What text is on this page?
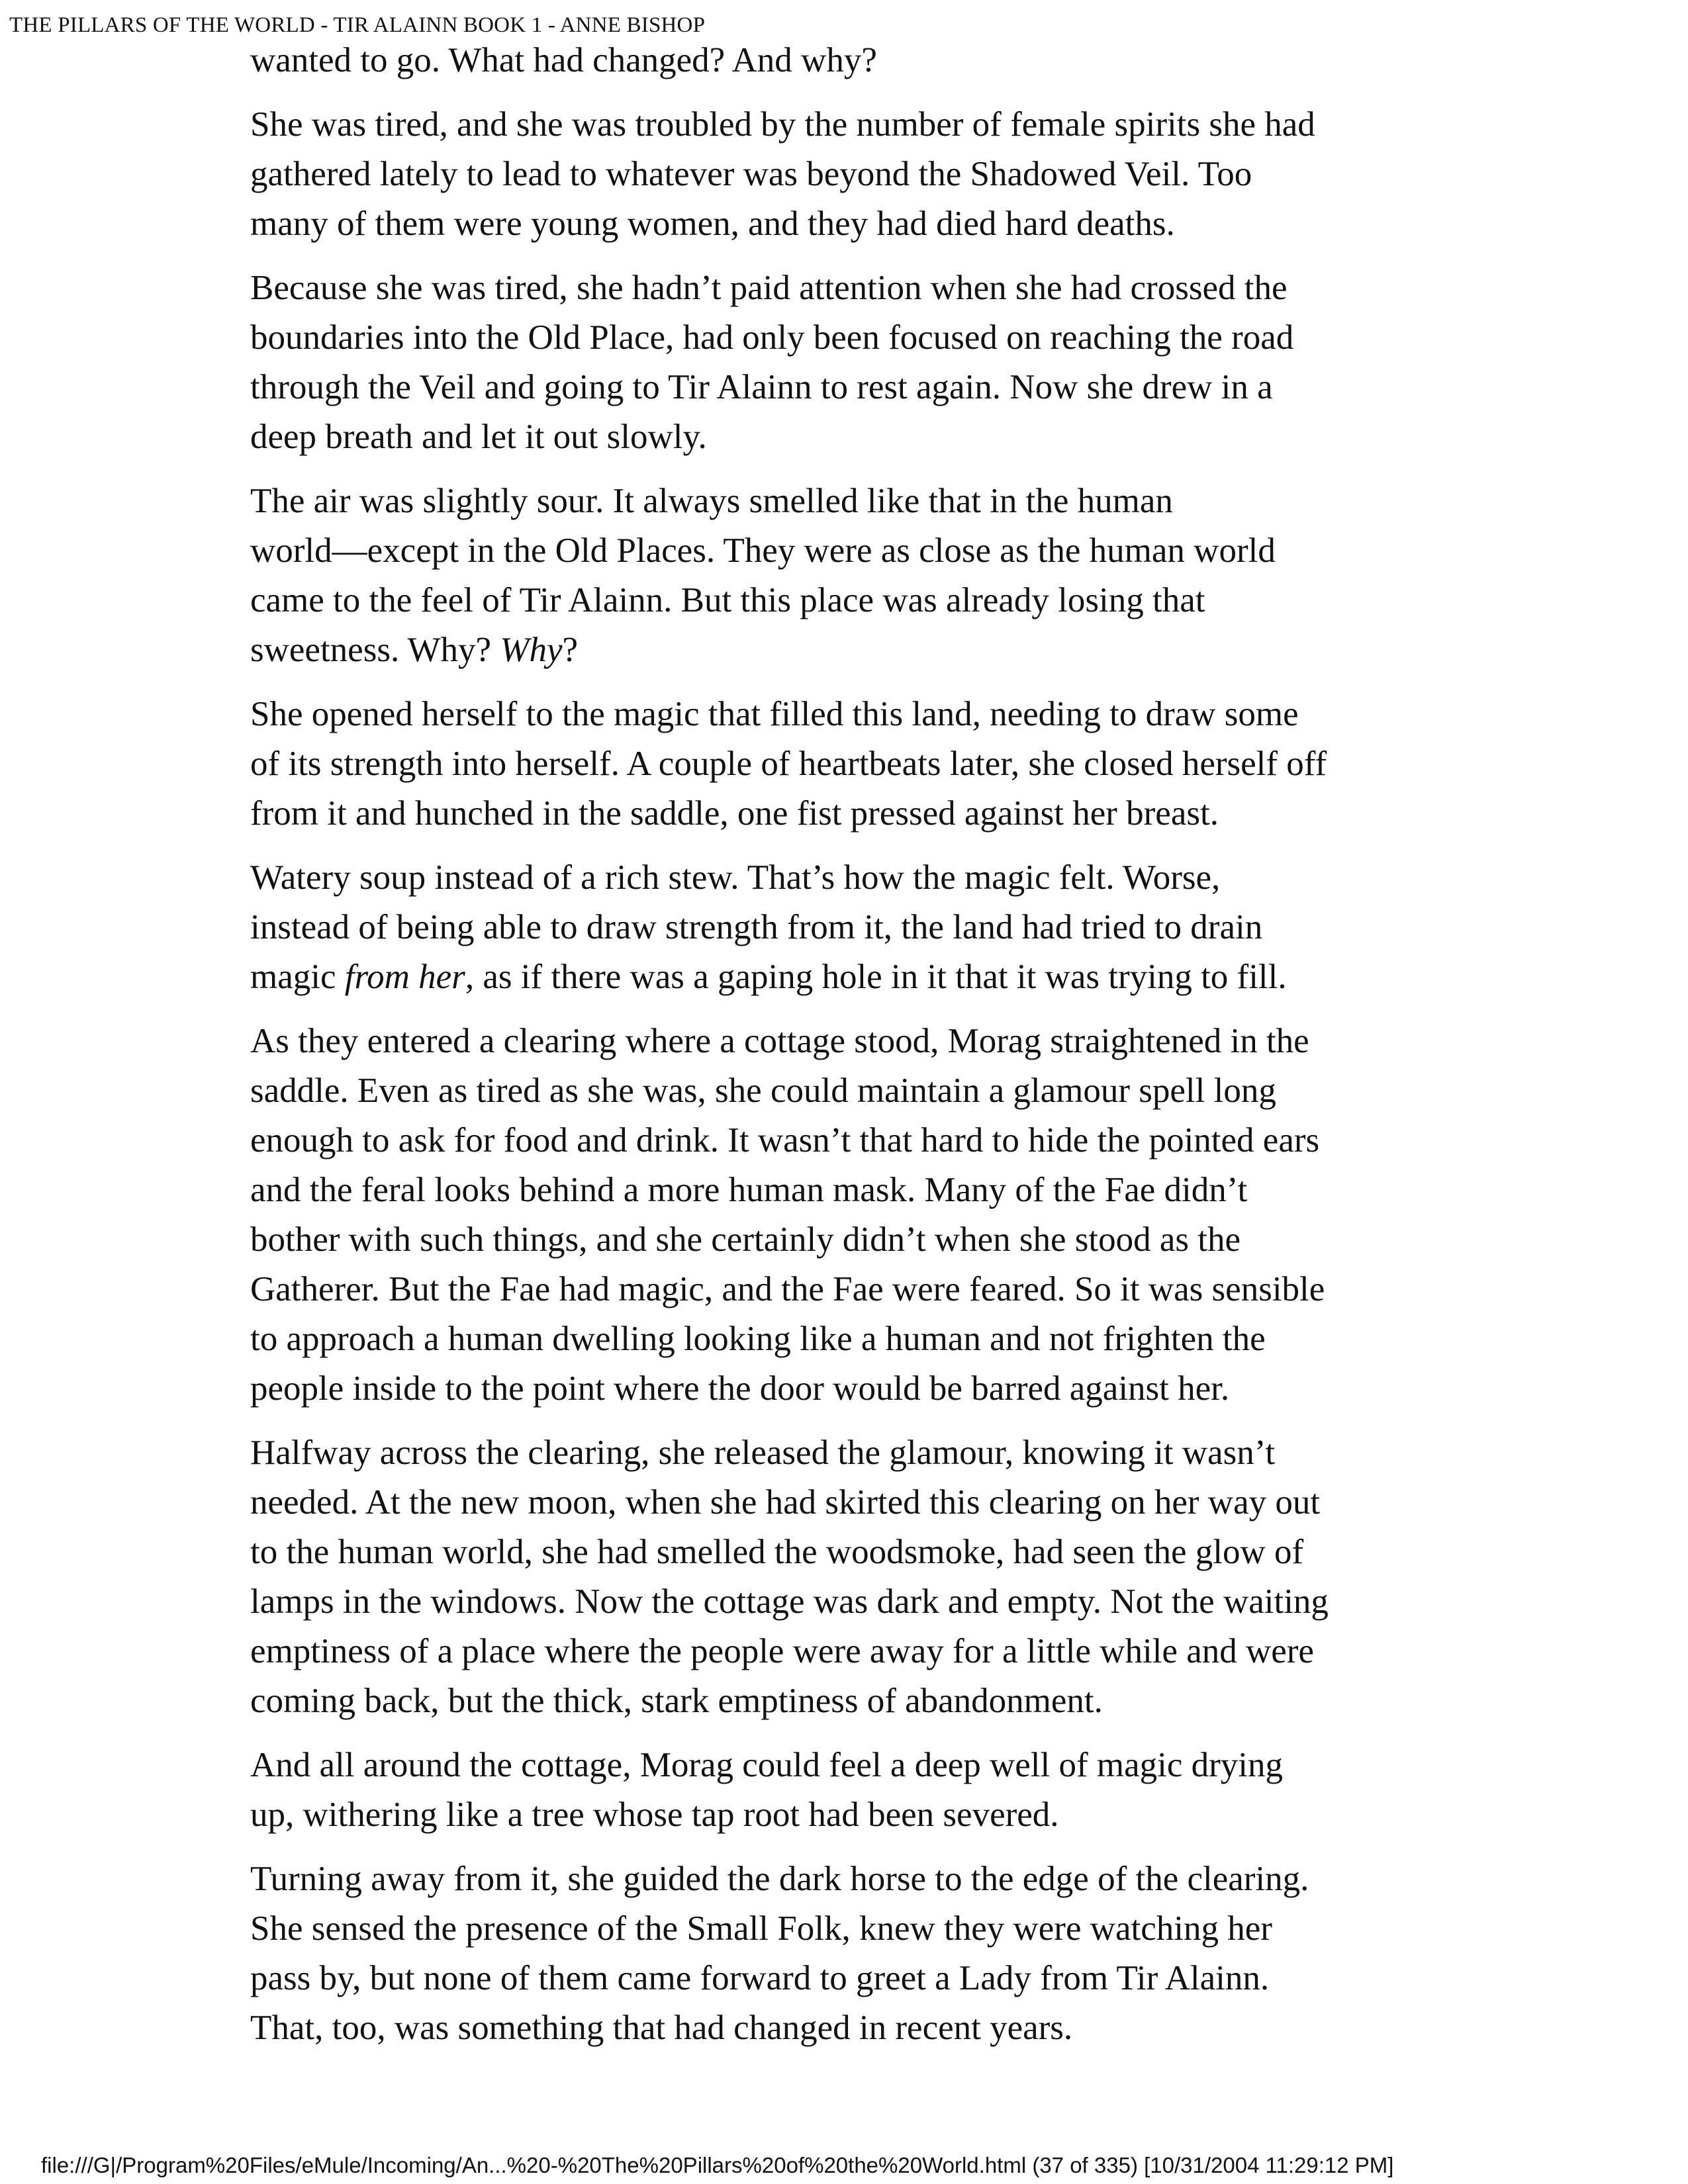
THE PILLARS OF THE WORLD - TIR ALAINN BOOK 1 - ANNE BISHOP

wanted to go. What had changed? And why?

She was tired, and she was troubled by the number of female spirits she had
gathered lately to lead to whatever was beyond the Shadowed Veil. Too
many of them were young women, and they had died hard deaths.

Because she was tired, she hadn’t paid attention when she had crossed the
boundaries into the Old Place, had only been focused on reaching the road
through the Veil and going to Tir Alainn to rest again. Now she drew in a
deep breath and let it out slowly.

The air was slightly sour. It always smelled like that in the human
world—except in the Old Places. They were as close as the human world
came to the feel of Tir Alainn. But this place was already losing that
sweetness. Why? Why?

She opened herself to the magic that filled this land, needing to draw some
of its strength into herself. A couple of heartbeats later, she closed herself off
from it and hunched in the saddle, one fist pressed against her breast.

Watery soup instead of a rich stew. That’s how the magic felt. Worse,
instead of being able to draw strength from it, the land had tried to drain
magic from her, as if there was a gaping hole in it that it was trying to fill.

As they entered a clearing where a cottage stood, Morag straightened in the
saddle. Even as tired as she was, she could maintain a glamour spell long
enough to ask for food and drink. It wasn’t that hard to hide the pointed ears
and the feral looks behind a more human mask. Many of the Fae didn’t
bother with such things, and she certainly didn’t when she stood as the
Gatherer. But the Fae had magic, and the Fae were feared. So it was sensible
to approach a human dwelling looking like a human and not frighten the
people inside to the point where the door would be barred against her.

Halfway across the clearing, she released the glamour, knowing it wasn’t
needed. At the new moon, when she had skirted this clearing on her way out
to the human world, she had smelled the woodsmoke, had seen the glow of
lamps in the windows. Now the cottage was dark and empty. Not the waiting
emptiness of a place where the people were away for a little while and were
coming back, but the thick, stark emptiness of abandonment.

And all around the cottage, Morag could feel a deep well of magic drying
up, withering like a tree whose tap root had been severed.

Turning away from it, she guided the dark horse to the edge of the clearing.
She sensed the presence of the Small Folk, knew they were watching her
pass by, but none of them came forward to greet a Lady from Tir Alainn.
That, too, was something that had changed in recent years.

file:///G|/Program%20Files/eMule/Incoming/An...%20-%20The%20Pillars%20of%20the%20World.html (37 of 335) [10/31/2004 11:29:12 PM]
